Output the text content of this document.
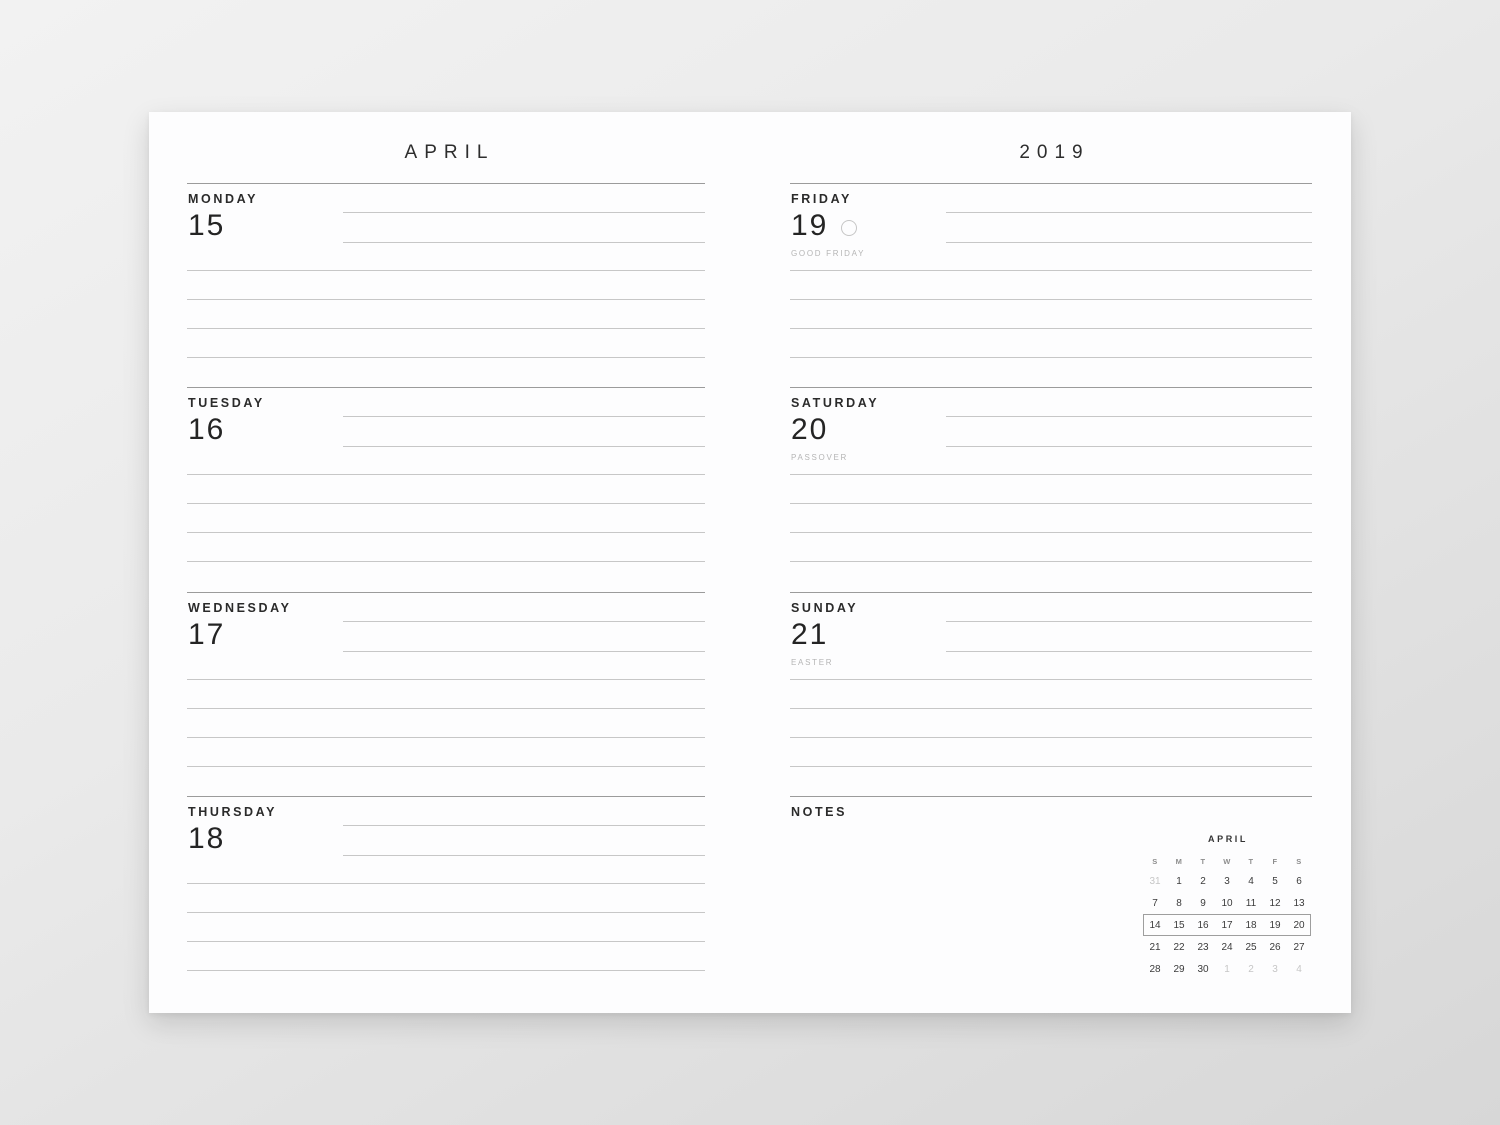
APRIL
MONDAY
15
TUESDAY
16
WEDNESDAY
17
THURSDAY
18
2019
FRIDAY
19
GOOD FRIDAY
SATURDAY
20
PASSOVER
SUNDAY
21
EASTER
NOTES
APRIL
S	M	T	W	T	F	S
31	1	2	3	4	5	6
7	8	9	10	11	12	13
14	15	16	17	18	19	20
21	22	23	24	25	26	27
28	29	30	1	2	3	4
